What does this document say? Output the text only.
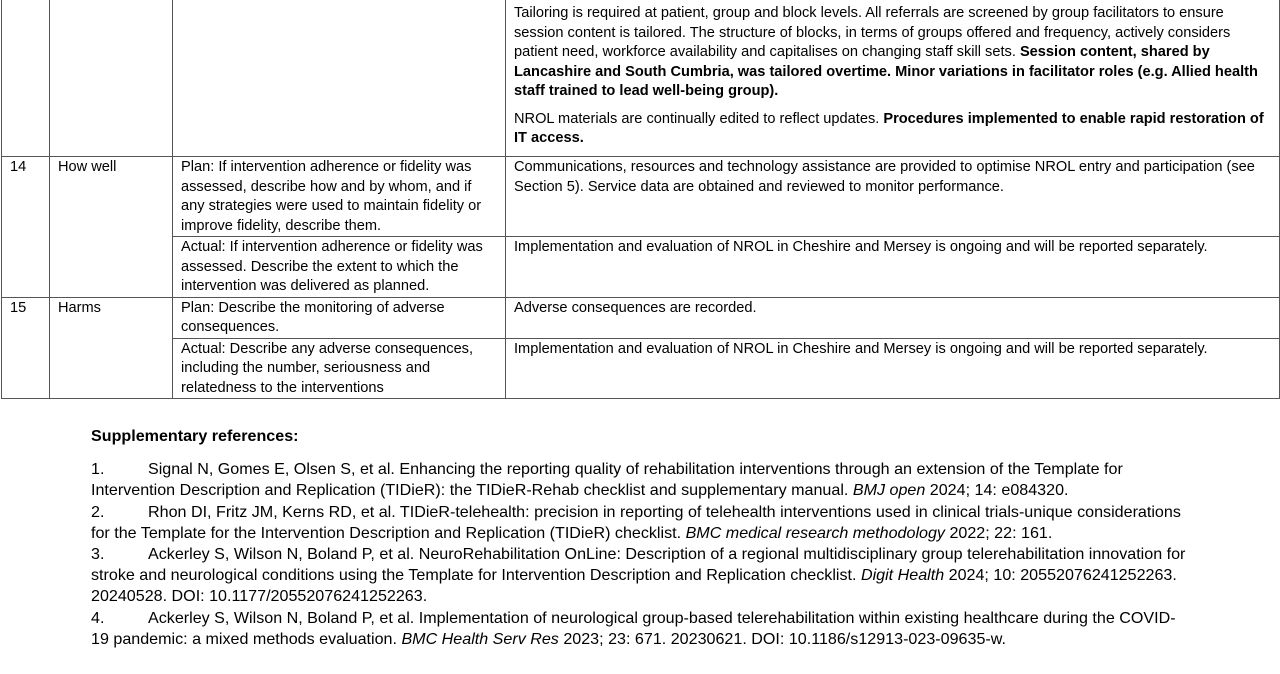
			Tailoring is required at patient, group and block levels. All referrals are screened by group facilitators to ensure session content is tailored. The structure of blocks, in terms of groups offered and frequency, actively considers patient need, workforce availability and capitalises on changing staff skill sets. Session content, shared by Lancashire and South Cumbria, was tailored overtime. Minor variations in facilitator roles (e.g. Allied health staff trained to lead well-being group).

NROL materials are continually edited to reflect updates. Procedures implemented to enable rapid restoration of IT access.

14	How well	Plan: If intervention adherence or fidelity was assessed, describe how and by whom, and if any strategies were used to maintain fidelity or improve fidelity, describe them.	Communications, resources and technology assistance are provided to optimise NROL entry and participation (see Section 5). Service data are obtained and reviewed to monitor performance.
		Actual: If intervention adherence or fidelity was assessed. Describe the extent to which the intervention was delivered as planned.	Implementation and evaluation of NROL in Cheshire and Mersey is ongoing and will be reported separately.
15	Harms	Plan: Describe the monitoring of adverse consequences.	Adverse consequences are recorded.
		Actual: Describe any adverse consequences, including the number, seriousness and relatedness to the interventions	Implementation and evaluation of NROL in Cheshire and Mersey is ongoing and will be reported separately.
Supplementary references:

1.	Signal N, Gomes E, Olsen S, et al. Enhancing the reporting quality of rehabilitation interventions through an extension of the Template for Intervention Description and Replication (TIDieR): the TIDieR-Rehab checklist and supplementary manual. BMJ open 2024; 14: e084320.

2.	Rhon DI, Fritz JM, Kerns RD, et al. TIDieR-telehealth: precision in reporting of telehealth interventions used in clinical trials-unique considerations for the Template for the Intervention Description and Replication (TIDieR) checklist. BMC medical research methodology 2022; 22: 161.

3.	Ackerley S, Wilson N, Boland P, et al. NeuroRehabilitation OnLine: Description of a regional multidisciplinary group telerehabilitation innovation for stroke and neurological conditions using the Template for Intervention Description and Replication checklist. Digit Health 2024; 10: 20552076241252263. 20240528. DOI: 10.1177/20552076241252263.

4.	Ackerley S, Wilson N, Boland P, et al. Implementation of neurological group-based telerehabilitation within existing healthcare during the COVID-19 pandemic: a mixed methods evaluation. BMC Health Serv Res 2023; 23: 671. 20230621. DOI: 10.1186/s12913-023-09635-w.
